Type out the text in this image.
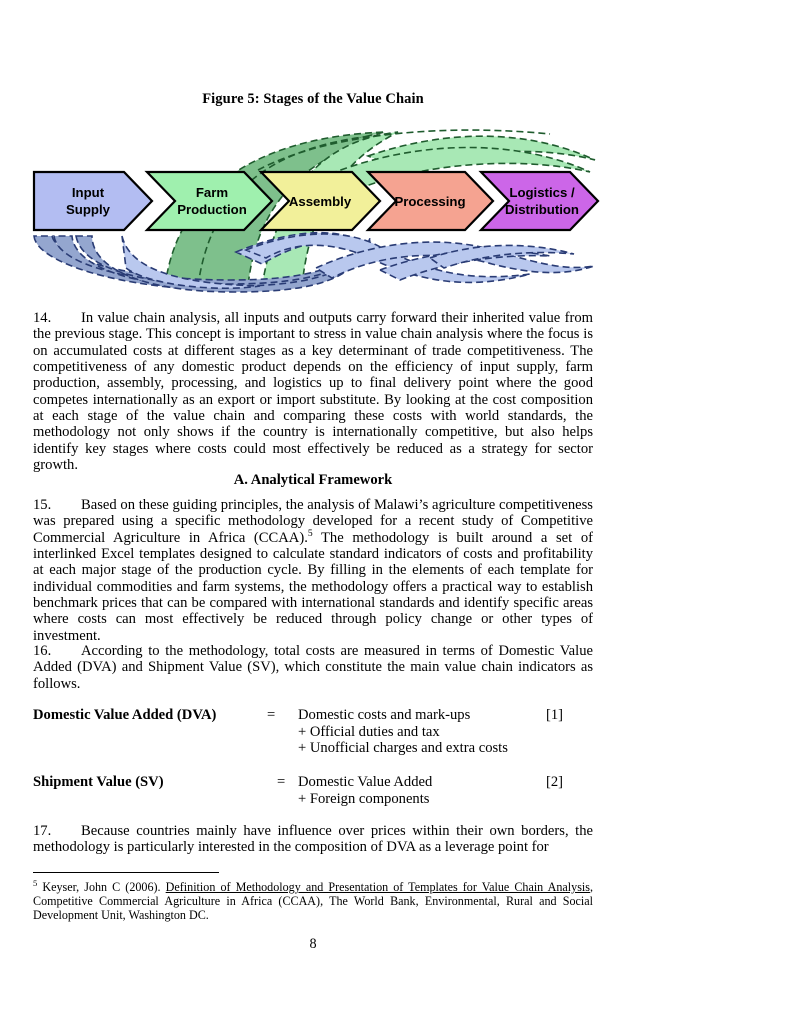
Figure 5: Stages of the Value Chain
Input
Supply
Farm
Production
Assembly	Processing
Logistics /
Distribution
14. In value chain analysis, all inputs and outputs carry forward their inherited value from the previous stage. This concept is important to stress in value chain analysis where the focus is on accumulated costs at different stages as a key determinant of trade competitiveness. The competitiveness of any domestic product depends on the efficiency of input supply, farm production, assembly, processing, and logistics up to final delivery point where the good competes internationally as an export or import substitute. By looking at the cost composition at each stage of the value chain and comparing these costs with world standards, the methodology not only shows if the country is internationally competitive, but also helps identify key stages where costs could most effectively be reduced as a strategy for sector growth.
A. Analytical Framework
15. Based on these guiding principles, the analysis of Malawi’s agriculture competitiveness was prepared using a specific methodology developed for a recent study of Competitive Commercial Agriculture in Africa (CCAA).$^5$ The methodology is built around a set of interlinked Excel templates designed to calculate standard indicators of costs and profitability at each major stage of the production cycle. By filling in the elements of each template for individual commodities and farm systems, the methodology offers a practical way to establish benchmark prices that can be compared with international standards and identify specific areas where costs can most effectively be reduced through policy change or other types of investment.
16. According to the methodology, total costs are measured in terms of Domestic Value Added (DVA) and Shipment Value (SV), which constitute the main value chain indicators as follows.
Domestic Value Added (DVA)	= Domestic costs and mark-ups
+ Official duties and tax
+ Unofficial charges and extra costs
[1]
Shipment Value (SV)	= Domestic Value Added
+ Foreign components
[2]
17. Because countries mainly have influence over prices within their own borders, the methodology is particularly interested in the composition of DVA as a leverage point for
$^5$ Keyser, John C (2006). Definition of Methodology and Presentation of Templates for Value Chain Analysis, Competitive Commercial Agriculture in Africa (CCAA), The World Bank, Environmental, Rural and Social Development Unit, Washington DC.
8
